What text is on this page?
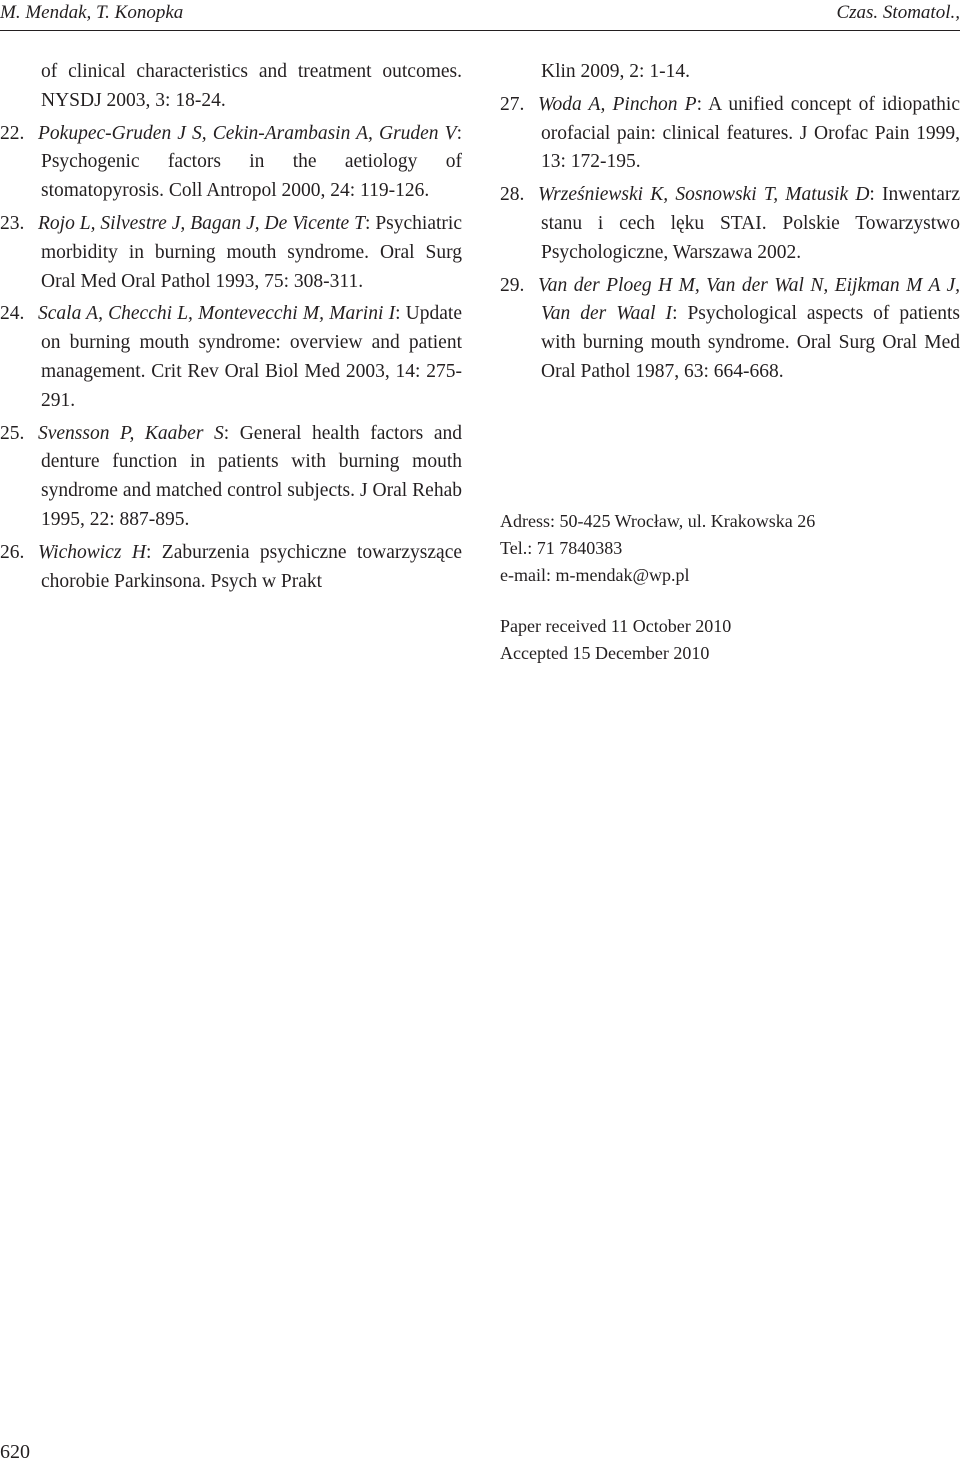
M. Mendak, T. Konopka	Czas. Stomatol.,

of clinical characteristics and treatment outcomes. NYSDJ 2003, 3: 18-24.

22. Pokupec-Gruden J S, Cekin-Arambasin A, Gruden V: Psychogenic factors in the aetiology of stomatopyrosis. Coll Antropol 2000, 24: 119-126.

23. Rojo L, Silvestre J, Bagan J, De Vicente T: Psychiatric morbidity in burning mouth syndrome. Oral Surg Oral Med Oral Pathol 1993, 75: 308-311.

24. Scala A, Checchi L, Montevecchi M, Marini I: Update on burning mouth syndrome: overview and patient management. Crit Rev Oral Biol Med 2003, 14: 275-291.

25. Svensson P, Kaaber S: General health factors and denture function in patients with burning mouth syndrome and matched control subjects. J Oral Rehab 1995, 22: 887-895.

26. Wichowicz H: Zaburzenia psychiczne towarzyszące chorobie Parkinsona. Psych w Prakt

Klin 2009, 2: 1-14.

27. Woda A, Pinchon P: A unified concept of idiopathic orofacial pain: clinical features. J Orofac Pain 1999, 13: 172-195.

28. Wrześniewski K, Sosnowski T, Matusik D: Inwentarz stanu i cech lęku STAI. Polskie Towarzystwo Psychologiczne, Warszawa 2002.

29. Van der Ploeg H M, Van der Wal N, Eijkman M A J, Van der Waal I: Psychological aspects of patients with burning mouth syndrome. Oral Surg Oral Med Oral Pathol 1987, 63: 664-668.

Adress: 50-425 Wrocław, ul. Krakowska 26
Tel.: 71 7840383
e-mail: m-mendak@wp.pl
Paper received 11 October 2010
Accepted 15 December 2010
620
